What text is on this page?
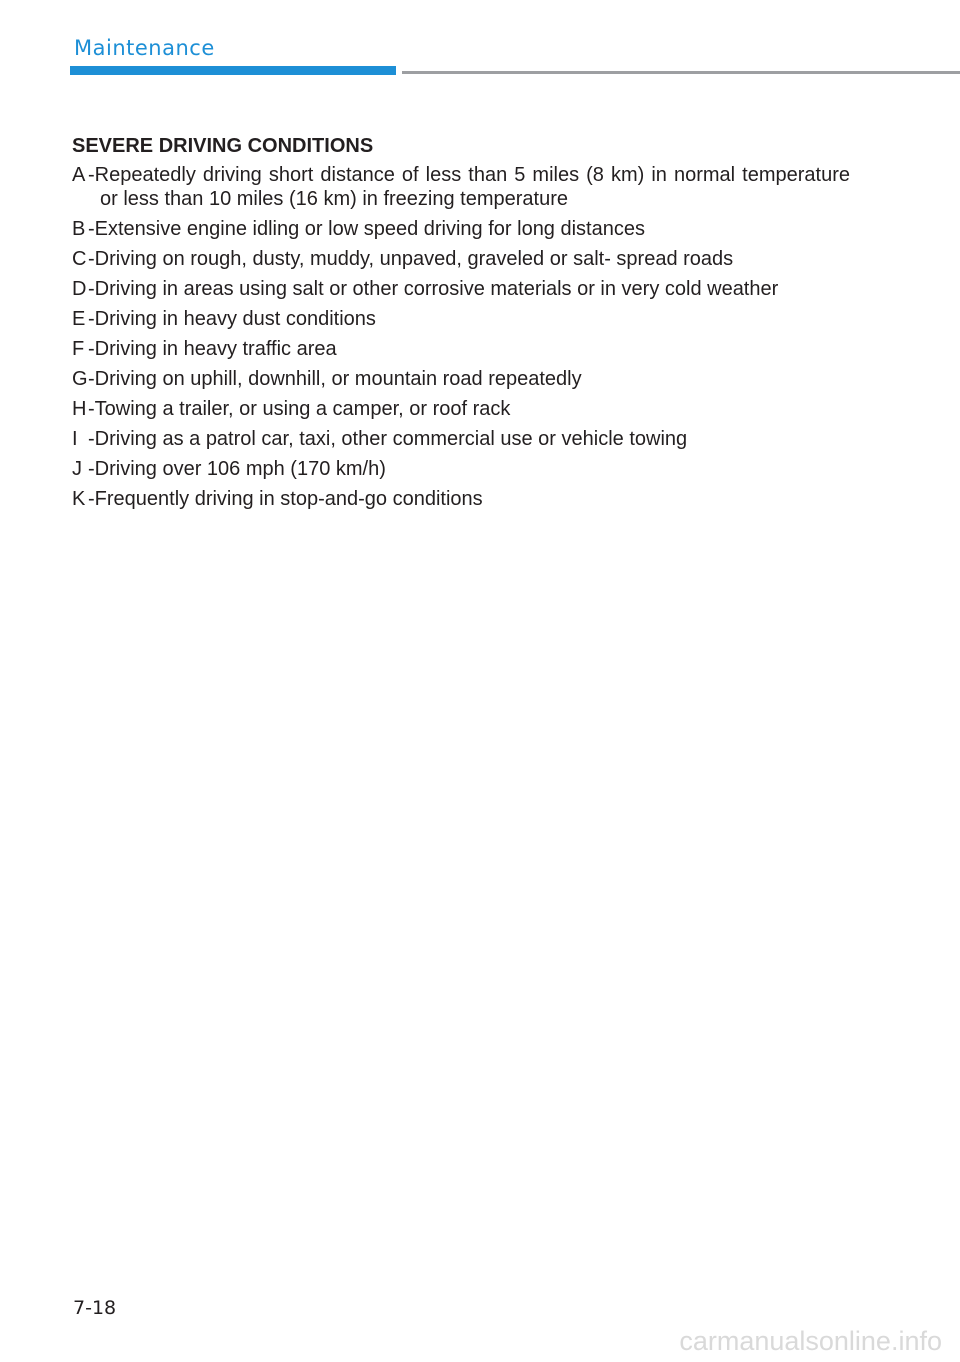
Maintenance
SEVERE DRIVING CONDITIONS
A -Repeatedly driving short distance of less than 5 miles (8 km) in normal temperature or less than 10 miles (16 km) in freezing temperature
B -Extensive engine idling or low speed driving for long distances
C -Driving on rough, dusty, muddy, unpaved, graveled or salt- spread roads
D -Driving in areas using salt or other corrosive materials or in very cold weather
E -Driving in heavy dust conditions
F -Driving in heavy traffic area
G -Driving on uphill, downhill, or mountain road repeatedly
H -Towing a trailer, or using a camper, or roof rack
I -Driving as a patrol car, taxi, other commercial use or vehicle towing
J -Driving over 106 mph (170 km/h)
K -Frequently driving in stop-and-go conditions
7-18
carmanualsonline.info
